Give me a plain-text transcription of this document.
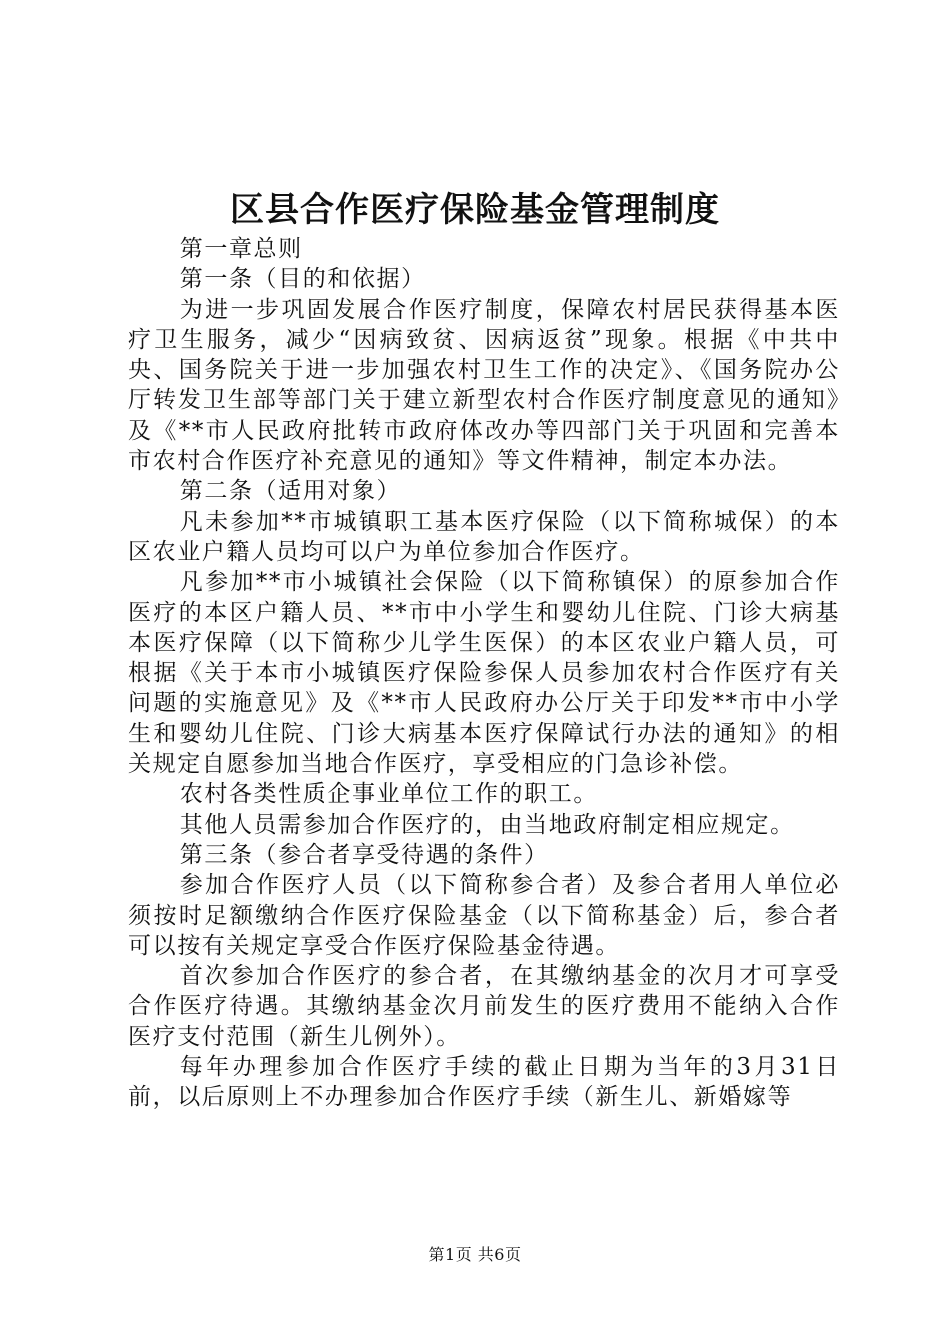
区县合作医疗保险基金管理制度

第一章总则

第一条（目的和依据）

为进一步巩固发展合作医疗制度，保障农村居民获得基本医疗卫生服务，减少“因病致贫、因病返贫”现象。根据《中共中央、国务院关于进一步加强农村卫生工作的决定》、《国务院办公厅转发卫生部等部门关于建立新型农村合作医疗制度意见的通知》及《**市人民政府批转市政府体改办等四部门关于巩固和完善本市农村合作医疗补充意见的通知》等文件精神，制定本办法。

第二条（适用对象）

凡未参加**市城镇职工基本医疗保险（以下简称城保）的本区农业户籍人员均可以户为单位参加合作医疗。

凡参加**市小城镇社会保险（以下简称镇保）的原参加合作医疗的本区户籍人员、**市中小学生和婴幼儿住院、门诊大病基本医疗保障（以下简称少儿学生医保）的本区农业户籍人员，可根据《关于本市小城镇医疗保险参保人员参加农村合作医疗有关问题的实施意见》及《**市人民政府办公厅关于印发**市中小学生和婴幼儿住院、门诊大病基本医疗保障试行办法的通知》的相关规定自愿参加当地合作医疗，享受相应的门急诊补偿。

农村各类性质企事业单位工作的职工。

其他人员需参加合作医疗的，由当地政府制定相应规定。

第三条（参合者享受待遇的条件）

参加合作医疗人员（以下简称参合者）及参合者用人单位必须按时足额缴纳合作医疗保险基金（以下简称基金）后，参合者可以按有关规定享受合作医疗保险基金待遇。

首次参加合作医疗的参合者，在其缴纳基金的次月才可享受合作医疗待遇。其缴纳基金次月前发生的医疗费用不能纳入合作医疗支付范围（新生儿例外）。

每年办理参加合作医疗手续的截止日期为当年的3月31日前，以后原则上不办理参加合作医疗手续（新生儿、新婚嫁等

第1页 共6页
